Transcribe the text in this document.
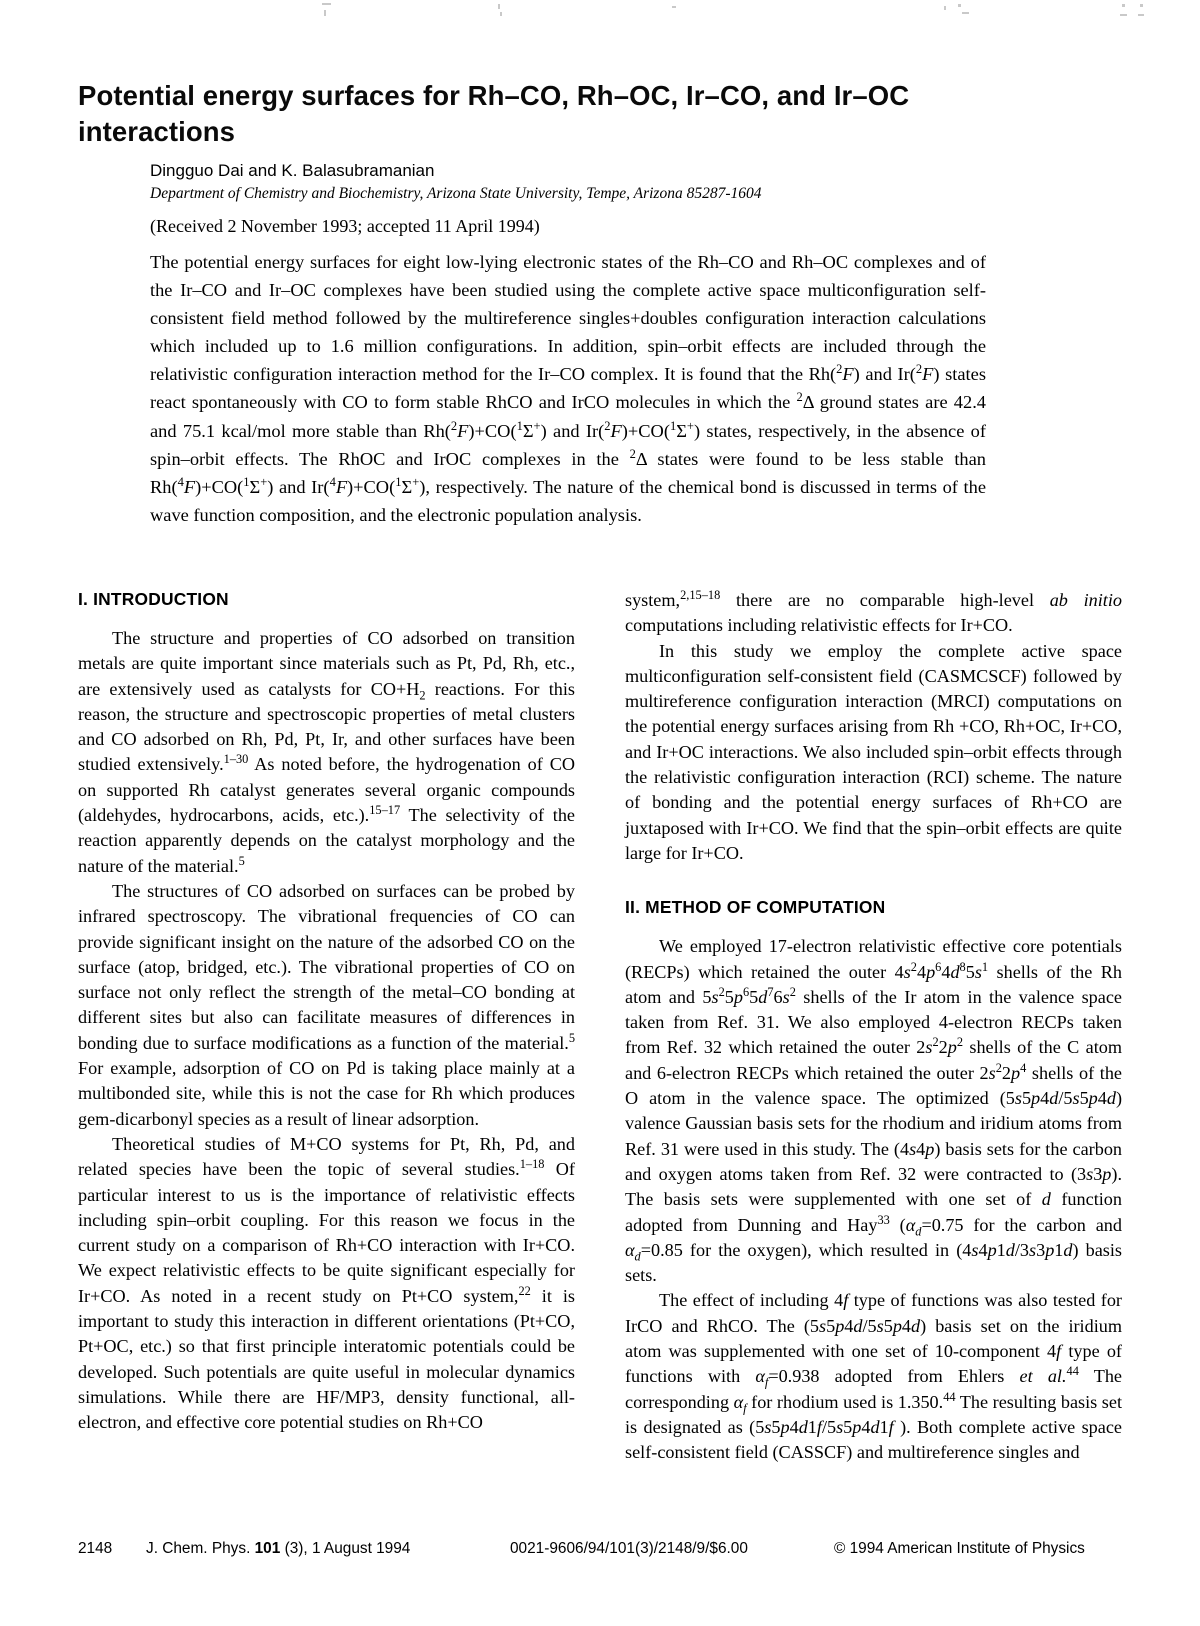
Potential energy surfaces for Rh–CO, Rh–OC, Ir–CO, and Ir–OC
interactions

Dingguo Dai and K. Balasubramanian

Department of Chemistry and Biochemistry, Arizona State University, Tempe, Arizona 85287-1604

(Received 2 November 1993; accepted 11 April 1994)
The potential energy surfaces for eight low-lying electronic states of the Rh–CO and Rh–OC complexes and of the Ir–CO and Ir–OC complexes have been studied using the complete active space multiconfiguration self-consistent field method followed by the multireference singles+doubles configuration interaction calculations which included up to 1.6 million configurations. In addition, spin–orbit effects are included through the relativistic configuration interaction method for the Ir–CO complex. It is found that the Rh($^2$F) and Ir($^2$F) states react spontaneously with CO to form stable RhCO and IrCO molecules in which the $^2$Δ ground states are 42.4 and 75.1 kcal/mol more stable than Rh($^2$F)+CO($^1$Σ+) and Ir($^2$F)+CO($^1$Σ+) states, respectively, in the absence of spin–orbit effects. The RhOC and IrOC complexes in the $^2$Δ states were found to be less stable than Rh($^4$F)+CO($^1$Σ+) and Ir($^4$F)+CO($^1$Σ+), respectively. The nature of the chemical bond is discussed in terms of the wave function composition, and the electronic population analysis.
I. INTRODUCTION

The structure and properties of CO adsorbed on transition metals are quite important since materials such as Pt, Pd, Rh, etc., are extensively used as catalysts for $CO+H_2$ reactions. For this reason, the structure and spectroscopic properties of metal clusters and CO adsorbed on Rh, Pd, Pt, Ir, and other surfaces have been studied extensively.$^{1-30}$ As noted before, the hydrogenation of CO on supported Rh catalyst generates several organic compounds (aldehydes, hydrocarbons, acids, etc.).$^{15-17}$ The selectivity of the reaction apparently depends on the catalyst morphology and the nature of the material.$^5$

The structures of CO adsorbed on surfaces can be probed by infrared spectroscopy. The vibrational frequencies of CO can provide significant insight on the nature of the adsorbed CO on the surface (atop, bridged, etc.). The vibrational properties of CO on surface not only reflect the strength of the metal–CO bonding at different sites but also can facilitate measures of differences in bonding due to surface modifications as a function of the material.$^5$ For example, adsorption of CO on Pd is taking place mainly at a multibonded site, while this is not the case for Rh which produces gem-dicarbonyl species as a result of linear adsorption.

Theoretical studies of M+CO systems for Pt, Rh, Pd, and related species have been the topic of several studies.$^{1-18}$ Of particular interest to us is the importance of relativistic effects including spin–orbit coupling. For this reason we focus in the current study on a comparison of Rh+CO interaction with Ir+CO. We expect relativistic effects to be quite significant especially for Ir+CO. As noted in a recent study on Pt+CO system,$^{22}$ it is important to study this interaction in different orientations (Pt+CO, Pt+OC, etc.) so that first principle interatomic potentials could be developed. Such potentials are quite useful in molecular dynamics simulations. While there are HF/MP3, density functional, all-electron, and effective core potential studies on Rh+CO

system,$^{2,15-18}$ there are no comparable high-level ab initio computations including relativistic effects for Ir+CO.

In this study we employ the complete active space multiconfiguration self-consistent field (CASMCSCF) followed by multireference configuration interaction (MRCI) computations on the potential energy surfaces arising from Rh +CO, Rh+OC, Ir+CO, and Ir+OC interactions. We also included spin–orbit effects through the relativistic configuration interaction (RCI) scheme. The nature of bonding and the potential energy surfaces of Rh+CO are juxtaposed with Ir+CO. We find that the spin–orbit effects are quite large for Ir+CO.

II. METHOD OF COMPUTATION

We employed 17-electron relativistic effective core potentials (RECPs) which retained the outer $4s^24p^64d^85s^1$ shells of the Rh atom and $5s^25p^65d^76s^2$ shells of the Ir atom in the valence space taken from Ref. 31. We also employed 4-electron RECPs taken from Ref. 32 which retained the outer $2s^22p^2$ shells of the C atom and 6-electron RECPs which retained the outer $2s^22p^4$ shells of the O atom in the valence space. The optimized (5s5p4d/5s5p4d) valence Gaussian basis sets for the rhodium and iridium atoms from Ref. 31 were used in this study. The (4s4p) basis sets for the carbon and oxygen atoms taken from Ref. 32 were contracted to (3s3p). The basis sets were supplemented with one set of d function adopted from Dunning and Hay$^{33}$ ($\alpha_d=0.75$ for the carbon and $\alpha_d=0.85$ for the oxygen), which resulted in (4s4p1d/3s3p1d) basis sets.

The effect of including 4f type of functions was also tested for IrCO and RhCO. The (5s5p4d/5s5p4d) basis set on the iridium atom was supplemented with one set of 10-component 4f type of functions with $\alpha_f=0.938$ adopted from Ehlers et al.$^{44}$ The corresponding $\alpha_f$ for rhodium used is 1.350.44 The resulting basis set is designated as (5s5p4d1f/5s5p4d1f ). Both complete active space self-consistent field (CASSCF) and multireference singles and

2148 J. Chem. Phys. 101 (3), 1 August 1994	0021-9606/94/101(3)/2148/9/$6.00	© 1994 American Institute of Physics
